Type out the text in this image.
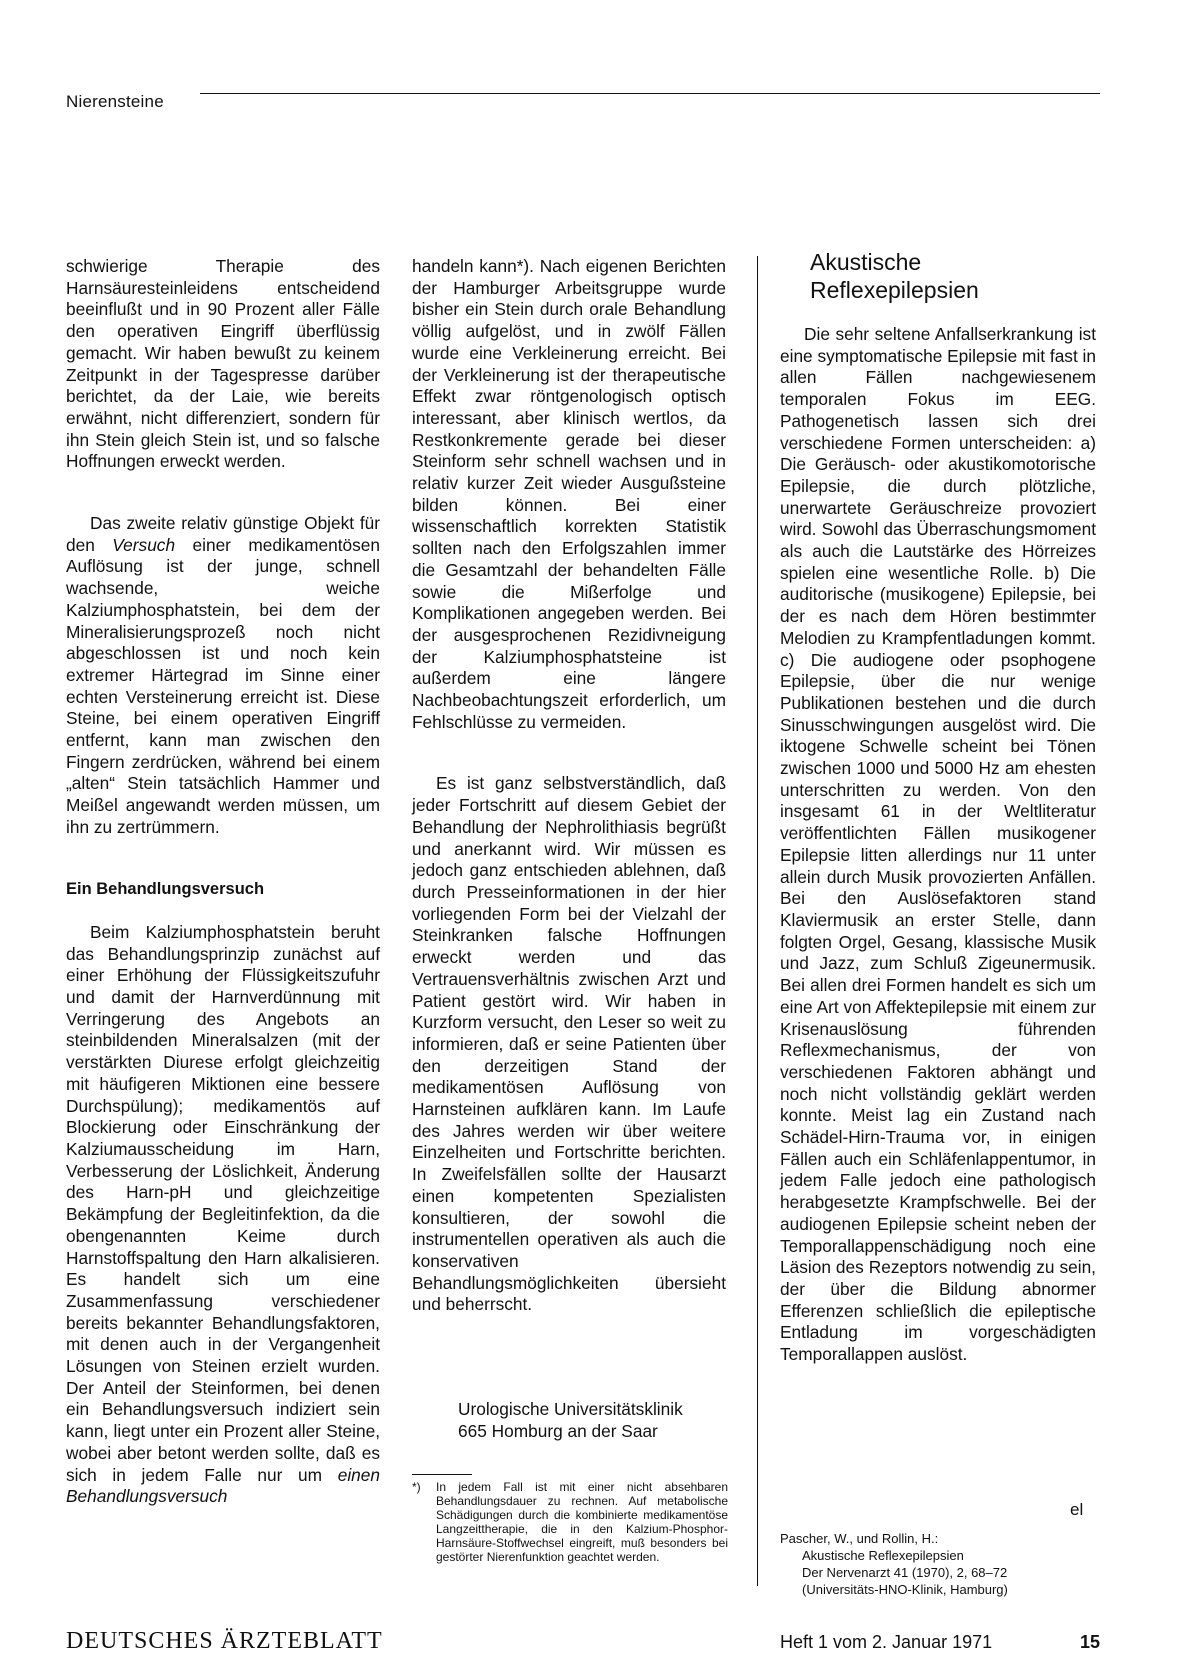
Nierensteine

schwierige Therapie des Harnsäuresteinleidens entscheidend beeinflußt und in 90 Prozent aller Fälle den operativen Eingriff überflüssig gemacht. Wir haben bewußt zu keinem Zeitpunkt in der Tagespresse darüber berichtet, da der Laie, wie bereits erwähnt, nicht differenziert, sondern für ihn Stein gleich Stein ist, und so falsche Hoffnungen erweckt werden.

Das zweite relativ günstige Objekt für den Versuch einer medikamentösen Auflösung ist der junge, schnell wachsende, weiche Kalziumphosphatstein, bei dem der Mineralisierungsprozeß noch nicht abgeschlossen ist und noch kein extremer Härtegrad im Sinne einer echten Versteinerung erreicht ist. Diese Steine, bei einem operativen Eingriff entfernt, kann man zwischen den Fingern zerdrücken, während bei einem „alten“ Stein tatsächlich Hammer und Meißel angewandt werden müssen, um ihn zu zertrümmern.

Ein Behandlungsversuch

Beim Kalziumphosphatstein beruht das Behandlungsprinzip zunächst auf einer Erhöhung der Flüssigkeitszufuhr und damit der Harnverdünnung mit Verringerung des Angebots an steinbildenden Mineralsalzen (mit der verstärkten Diurese erfolgt gleichzeitig mit häufigeren Miktionen eine bessere Durchspülung); medikamentös auf Blockierung oder Einschränkung der Kalziumausscheidung im Harn, Verbesserung der Löslichkeit, Änderung des Harn-pH und gleichzeitige Bekämpfung der Begleitinfektion, da die obengenannten Keime durch Harnstoffspaltung den Harn alkalisieren. Es handelt sich um eine Zusammenfassung verschiedener bereits bekannter Behandlungsfaktoren, mit denen auch in der Vergangenheit Lösungen von Steinen erzielt wurden. Der Anteil der Steinformen, bei denen ein Behandlungsversuch indiziert sein kann, liegt unter ein Prozent aller Steine, wobei aber betont werden sollte, daß es sich in jedem Falle nur um einen Behandlungsversuch

handeln kann*). Nach eigenen Berichten der Hamburger Arbeitsgruppe wurde bisher ein Stein durch orale Behandlung völlig aufgelöst, und in zwölf Fällen wurde eine Verkleinerung erreicht. Bei der Verkleinerung ist der therapeutische Effekt zwar röntgenologisch optisch interessant, aber klinisch wertlos, da Restkonkremente gerade bei dieser Steinform sehr schnell wachsen und in relativ kurzer Zeit wieder Ausgußsteine bilden können. Bei einer wissenschaftlich korrekten Statistik sollten nach den Erfolgszahlen immer die Gesamtzahl der behandelten Fälle sowie die Mißerfolge und Komplikationen angegeben werden. Bei der ausgesprochenen Rezidivneigung der Kalziumphosphatsteine ist außerdem eine längere Nachbeobachtungszeit erforderlich, um Fehlschlüsse zu vermeiden.

Es ist ganz selbstverständlich, daß jeder Fortschritt auf diesem Gebiet der Behandlung der Nephrolithiasis begrüßt und anerkannt wird. Wir müssen es jedoch ganz entschieden ablehnen, daß durch Presseinformationen in der hier vorliegenden Form bei der Vielzahl der Steinkranken falsche Hoffnungen erweckt werden und das Vertrauensverhältnis zwischen Arzt und Patient gestört wird. Wir haben in Kurzform versucht, den Leser so weit zu informieren, daß er seine Patienten über den derzeitigen Stand der medikamentösen Auflösung von Harnsteinen aufklären kann. Im Laufe des Jahres werden wir über weitere Einzelheiten und Fortschritte berichten. In Zweifelsfällen sollte der Hausarzt einen kompetenten Spezialisten konsultieren, der sowohl die instrumentellen operativen als auch die konservativen Behandlungsmöglichkeiten übersieht und beherrscht.

Urologische Universitätsklinik
665 Homburg an der Saar
*)	In jedem Fall ist mit einer nicht absehbaren Behandlungsdauer zu rechnen. Auf metabolische Schädigungen durch die kombinierte medikamentöse Langzeittherapie, die in den Kalzium-Phosphor-Harnsäure-Stoffwechsel eingreift, muß besonders bei gestörter Nierenfunktion geachtet werden.
Akustische
Reflexepilepsien

Die sehr seltene Anfallserkrankung ist eine symptomatische Epilepsie mit fast in allen Fällen nachgewiesenem temporalen Fokus im EEG. Pathogenetisch lassen sich drei verschiedene Formen unterscheiden: a) Die Geräusch- oder akustikomotorische Epilepsie, die durch plötzliche, unerwartete Geräuschreize provoziert wird. Sowohl das Überraschungsmoment als auch die Lautstärke des Hörreizes spielen eine wesentliche Rolle. b) Die auditorische (musikogene) Epilepsie, bei der es nach dem Hören bestimmter Melodien zu Krampfentladungen kommt. c) Die audiogene oder psophogene Epilepsie, über die nur wenige Publikationen bestehen und die durch Sinusschwingungen ausgelöst wird. Die iktogene Schwelle scheint bei Tönen zwischen 1000 und 5000 Hz am ehesten unterschritten zu werden. Von den insgesamt 61 in der Weltliteratur veröffentlichten Fällen musikogener Epilepsie litten allerdings nur 11 unter allein durch Musik provozierten Anfällen. Bei den Auslösefaktoren stand Klaviermusik an erster Stelle, dann folgten Orgel, Gesang, klassische Musik und Jazz, zum Schluß Zigeunermusik. Bei allen drei Formen handelt es sich um eine Art von Affektepilepsie mit einem zur Krisenauslösung führenden Reflexmechanismus, der von verschiedenen Faktoren abhängt und noch nicht vollständig geklärt werden konnte. Meist lag ein Zustand nach Schädel-Hirn-Trauma vor, in einigen Fällen auch ein Schläfenlappentumor, in jedem Falle jedoch eine pathologisch herabgesetzte Krampfschwelle. Bei der audiogenen Epilepsie scheint neben der Temporallappenschädigung noch eine Läsion des Rezeptors notwendig zu sein, der über die Bildung abnormer Efferenzen schließlich die epileptische Entladung im vorgeschädigten Temporallappen auslöst.

el
Pascher, W., und Rollin, H.:
Akustische Reflexepilepsien
Der Nervenarzt 41 (1970), 2, 68–72
(Universitäts-HNO-Klinik, Hamburg)
DEUTSCHES ÄRZTEBLATT	Heft 1 vom 2. Januar 1971	15
